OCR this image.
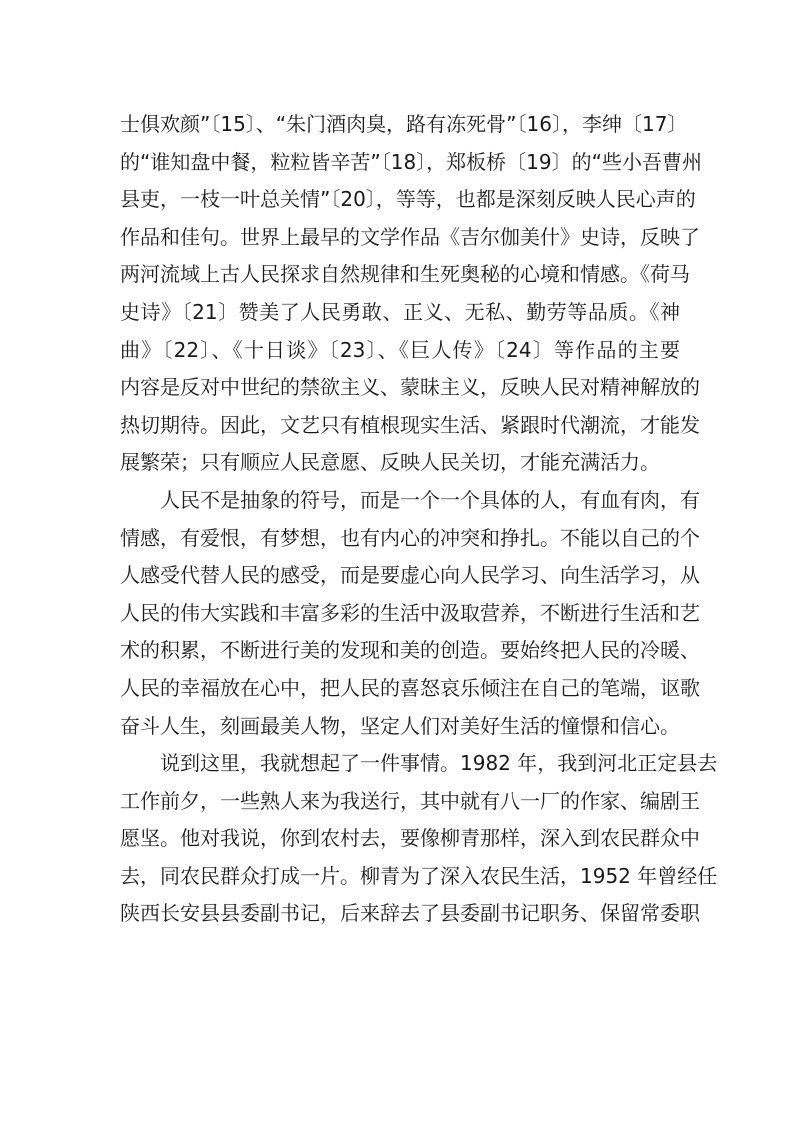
士俱欢颜”〔15〕、“朱门酒肉臭，路有冻死骨”〔16〕，李绅〔17〕
的“谁知盘中餐，粒粒皆辛苦”〔18〕，郑板桥〔19〕的“些小吾曹州
县吏，一枝一叶总关情”〔20〕，等等，也都是深刻反映人民心声的
作品和佳句。世界上最早的文学作品《吉尔伽美什》史诗，反映了
两河流域上古人民探求自然规律和生死奥秘的心境和情感。《荷马
史诗》〔21〕赞美了人民勇敢、正义、无私、勤劳等品质。《神
曲》〔22〕、《十日谈》〔23〕、《巨人传》〔24〕等作品的主要
内容是反对中世纪的禁欲主义、蒙昧主义，反映人民对精神解放的
热切期待。因此，文艺只有植根现实生活、紧跟时代潮流，才能发
展繁荣；只有顺应人民意愿、反映人民关切，才能充满活力。
　　人民不是抽象的符号，而是一个一个具体的人，有血有肉，有
情感，有爱恨，有梦想，也有内心的冲突和挣扎。不能以自己的个
人感受代替人民的感受，而是要虚心向人民学习、向生活学习，从
人民的伟大实践和丰富多彩的生活中汲取营养，不断进行生活和艺
术的积累，不断进行美的发现和美的创造。要始终把人民的冷暖、
人民的幸福放在心中，把人民的喜怒哀乐倾注在自己的笔端，讴歌
奋斗人生，刻画最美人物，坚定人们对美好生活的憧憬和信心。
　　说到这里，我就想起了一件事情。1982 年，我到河北正定县去
工作前夕，一些熟人来为我送行，其中就有八一厂的作家、编剧王
愿坚。他对我说，你到农村去，要像柳青那样，深入到农民群众中
去，同农民群众打成一片。柳青为了深入农民生活，1952 年曾经任
陕西长安县县委副书记，后来辞去了县委副书记职务、保留常委职
